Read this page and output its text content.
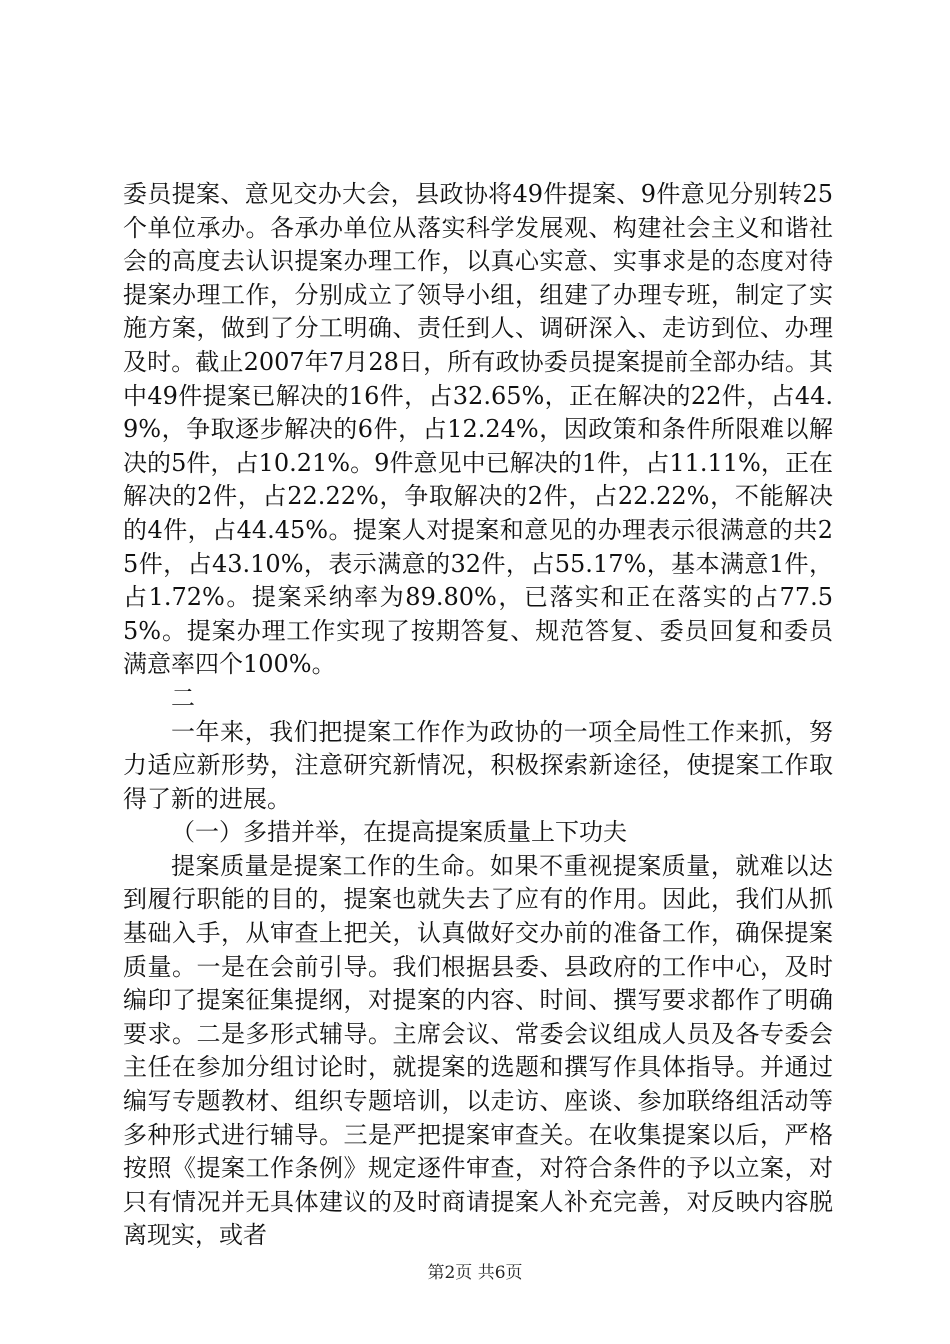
委员提案、意见交办大会，县政协将49件提案、9件意见分别转25个单位承办。各承办单位从落实科学发展观、构建社会主义和谐社会的高度去认识提案办理工作，以真心实意、实事求是的态度对待提案办理工作，分别成立了领导小组，组建了办理专班，制定了实施方案，做到了分工明确、责任到人、调研深入、走访到位、办理及时。截止2007年7月28日，所有政协委员提案提前全部办结。其中49件提案已解决的16件，占32.65%，正在解决的22件，占44.9%，争取逐步解决的6件，占12.24%，因政策和条件所限难以解决的5件，占10.21%。9件意见中已解决的1件，占11.11%，正在解决的2件，占22.22%，争取解决的2件，占22.22%，不能解决的4件，占44.45%。提案人对提案和意见的办理表示很满意的共25件，占43.10%，表示满意的32件，占55.17%，基本满意1件，占1.72%。提案采纳率为89.80%，已落实和正在落实的占77.55%。提案办理工作实现了按期答复、规范答复、委员回复和委员满意率四个100%。

二

一年来，我们把提案工作作为政协的一项全局性工作来抓，努力适应新形势，注意研究新情况，积极探索新途径，使提案工作取得了新的进展。

（一）多措并举，在提高提案质量上下功夫

提案质量是提案工作的生命。如果不重视提案质量，就难以达到履行职能的目的，提案也就失去了应有的作用。因此，我们从抓基础入手，从审查上把关，认真做好交办前的准备工作，确保提案质量。一是在会前引导。我们根据县委、县政府的工作中心，及时编印了提案征集提纲，对提案的内容、时间、撰写要求都作了明确要求。二是多形式辅导。主席会议、常委会议组成人员及各专委会主任在参加分组讨论时，就提案的选题和撰写作具体指导。并通过编写专题教材、组织专题培训，以走访、座谈、参加联络组活动等多种形式进行辅导。三是严把提案审查关。在收集提案以后，严格按照《提案工作条例》规定逐件审查，对符合条件的予以立案，对只有情况并无具体建议的及时商请提案人补充完善，对反映内容脱离现实，或者

第2页 共6页
